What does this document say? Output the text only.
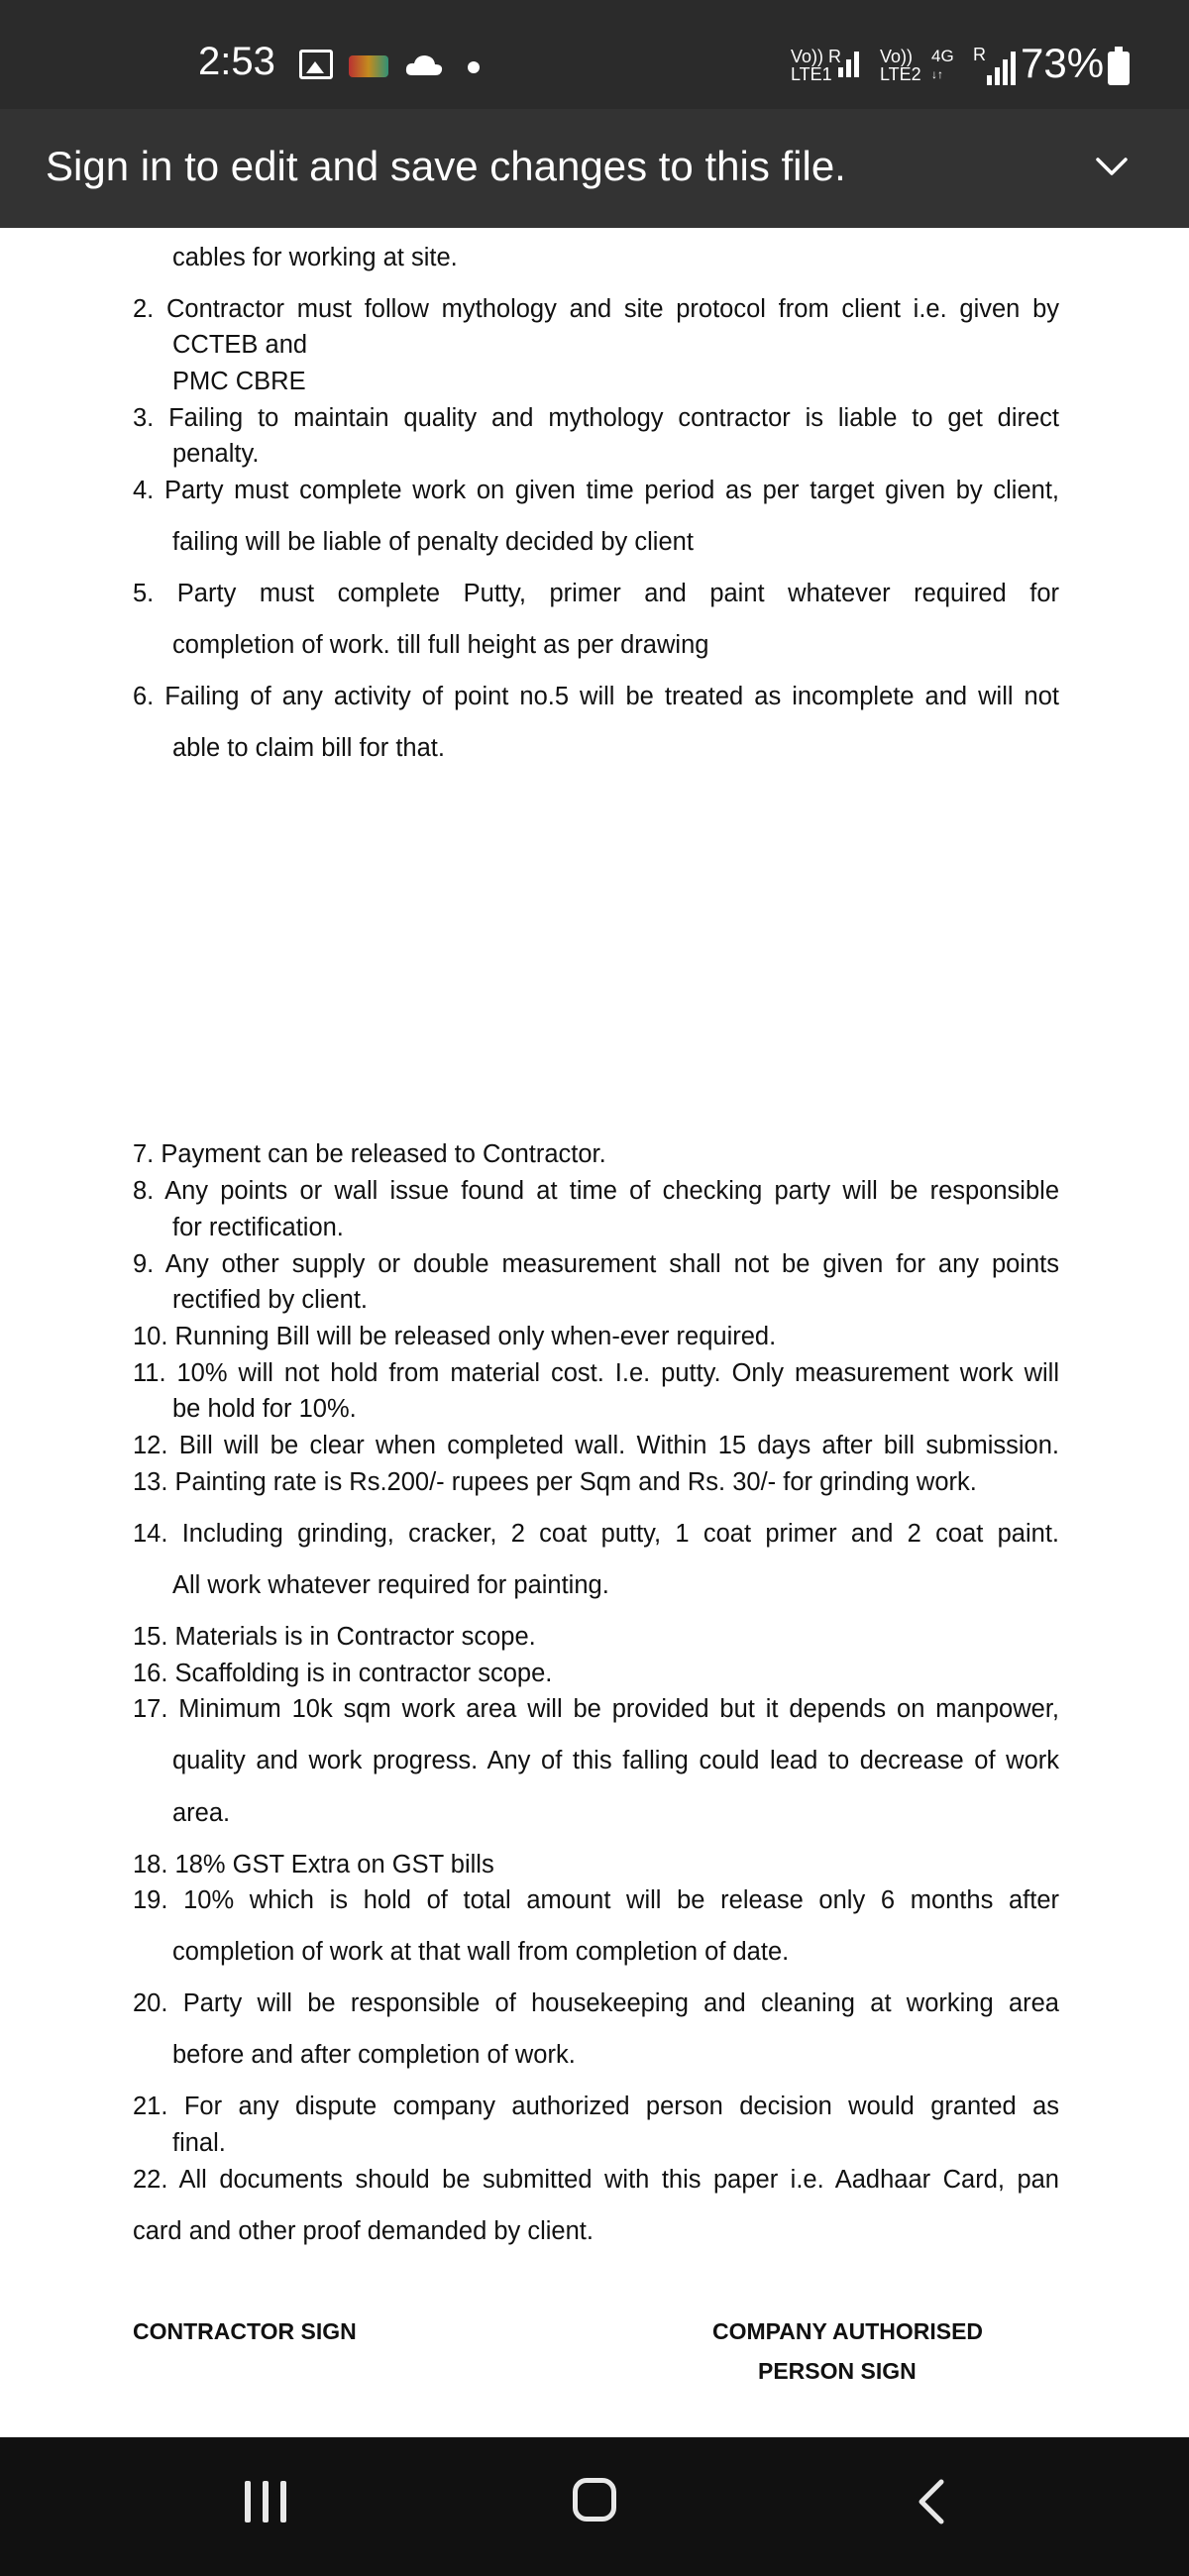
2:53	Vo)) R
LTE1
Vo))
LTE2
4G
↓↑
R 73%
Sign in to edit and save changes to this file.
cables for working at site.
2. Contractor must follow mythology and site protocol from client i.e. given by
CCTEB and
PMC CBRE
3. Failing to maintain quality and mythology contractor is liable to get direct
penalty.
4. Party must complete work on given time period as per target given by client,
failing will be liable of penalty decided by client
5. Party must complete Putty, primer and paint whatever required for
completion of work. till full height as per drawing
6. Failing of any activity of point no.5 will be treated as incomplete and will not
able to claim bill for that.
7. Payment can be released to Contractor.
8. Any points or wall issue found at time of checking party will be responsible
for rectification.
9. Any other supply or double measurement shall not be given for any points
rectified by client.
10. Running Bill will be released only when-ever required.
11. 10% will not hold from material cost. I.e. putty. Only measurement work will
be hold for 10%.
12. Bill will be clear when completed wall. Within 15 days after bill submission.
13. Painting rate is Rs.200/- rupees per Sqm and Rs. 30/- for grinding work.
14. Including grinding, cracker, 2 coat putty, 1 coat primer and 2 coat paint.
All work whatever required for painting.
15. Materials is in Contractor scope.
16. Scaffolding is in contractor scope.
17. Minimum 10k sqm work area will be provided but it depends on manpower,
quality and work progress. Any of this falling could lead to decrease of work
area.
18. 18% GST Extra on GST bills
19. 10% which is hold of total amount will be release only 6 months after
completion of work at that wall from completion of date.
20. Party will be responsible of housekeeping and cleaning at working area
before and after completion of work.
21. For any dispute company authorized person decision would granted as
final.
22. All documents should be submitted with this paper i.e. Aadhaar Card, pan
card and other proof demanded by client.
CONTRACTOR SIGN	COMPANY AUTHORISED
PERSON SIGN
